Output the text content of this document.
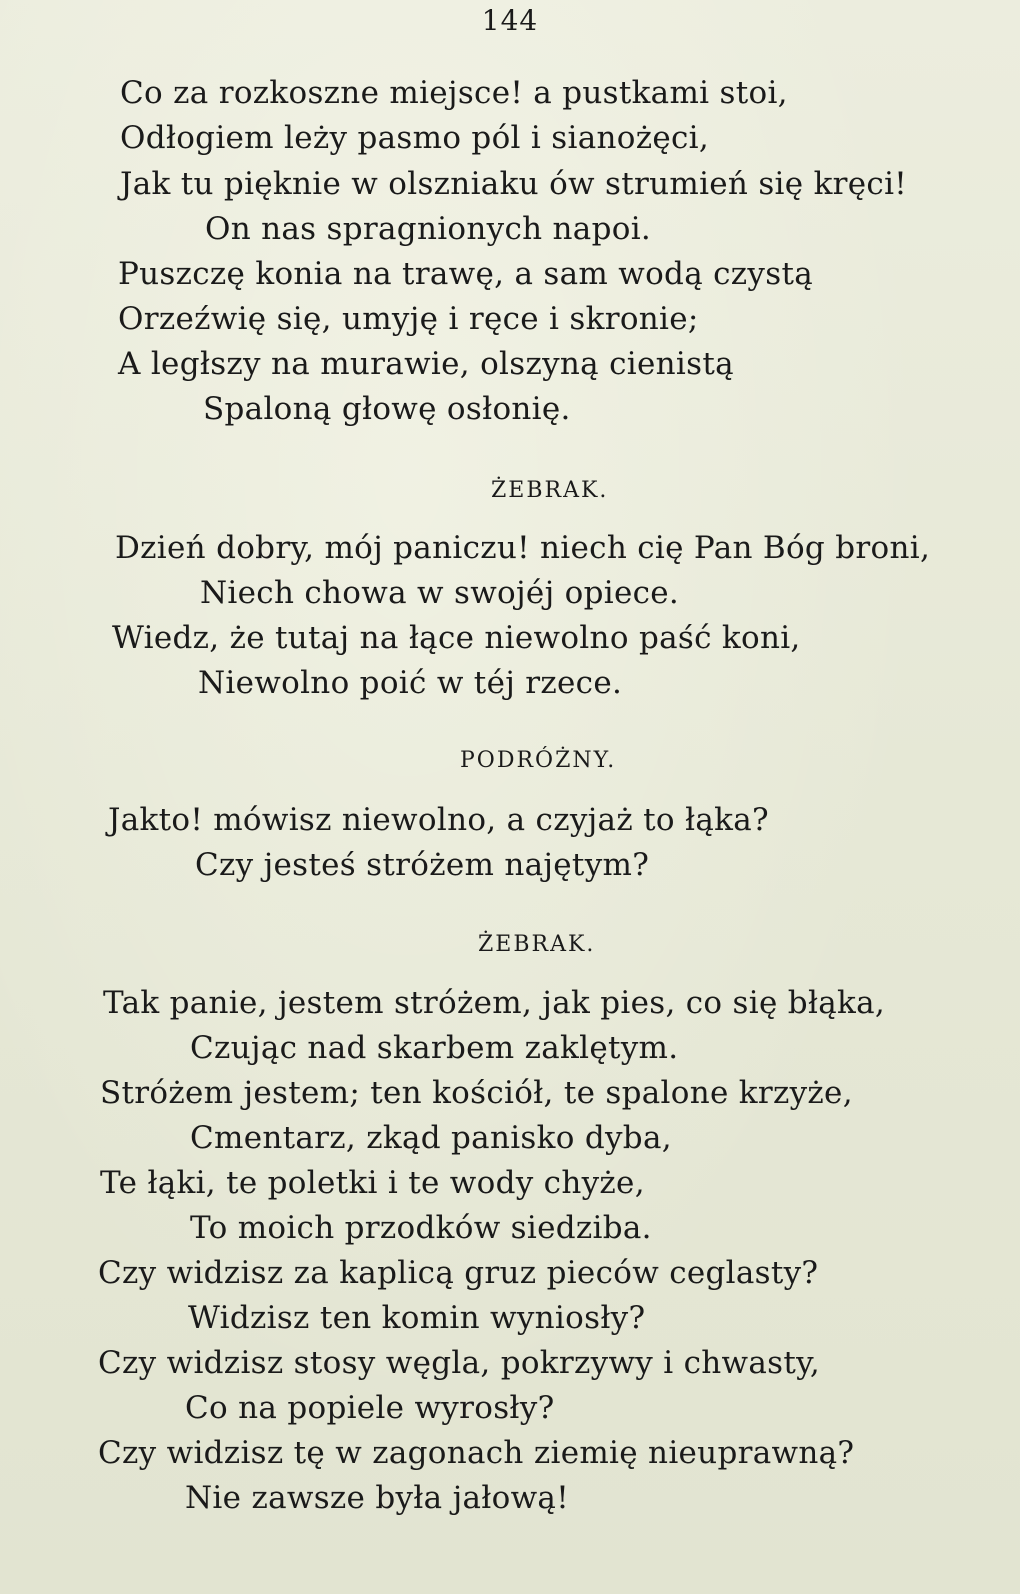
144
Co za rozkoszne miejsce! a pustkami stoi,
Odłogiem leży pasmo pól i sianożęci,
Jak tu pięknie w olszniaku ów strumień się kręci!
On nas spragnionych napoi.
Puszczę konia na trawę, a sam wodą czystą
Orzeźwię się, umyję i ręce i skronie;
A ległszy na murawie, olszyną cienistą
Spaloną głowę osłonię.
ŻEBRAK.
Dzień dobry, mój paniczu! niech cię Pan Bóg broni,
Niech chowa w swojéj opiece.
Wiedz, że tutaj na łące niewolno paść koni,
Niewolno poić w téj rzece.
PODRÓŻNY.
Jakto! mówisz niewolno, a czyjaż to łąka?
Czy jesteś stróżem najętym?
ŻEBRAK.
Tak panie, jestem stróżem, jak pies, co się błąka,
Czując nad skarbem zaklętym.
Stróżem jestem; ten kościół, te spalone krzyże,
Cmentarz, zkąd panisko dyba,
Te łąki, te poletki i te wody chyże,
To moich przodków siedziba.
Czy widzisz za kaplicą gruz pieców ceglasty?
Widzisz ten komin wyniosły?
Czy widzisz stosy węgla, pokrzywy i chwasty,
Co na popiele wyrosły?
Czy widzisz tę w zagonach ziemię nieuprawną?
Nie zawsze była jałową!
